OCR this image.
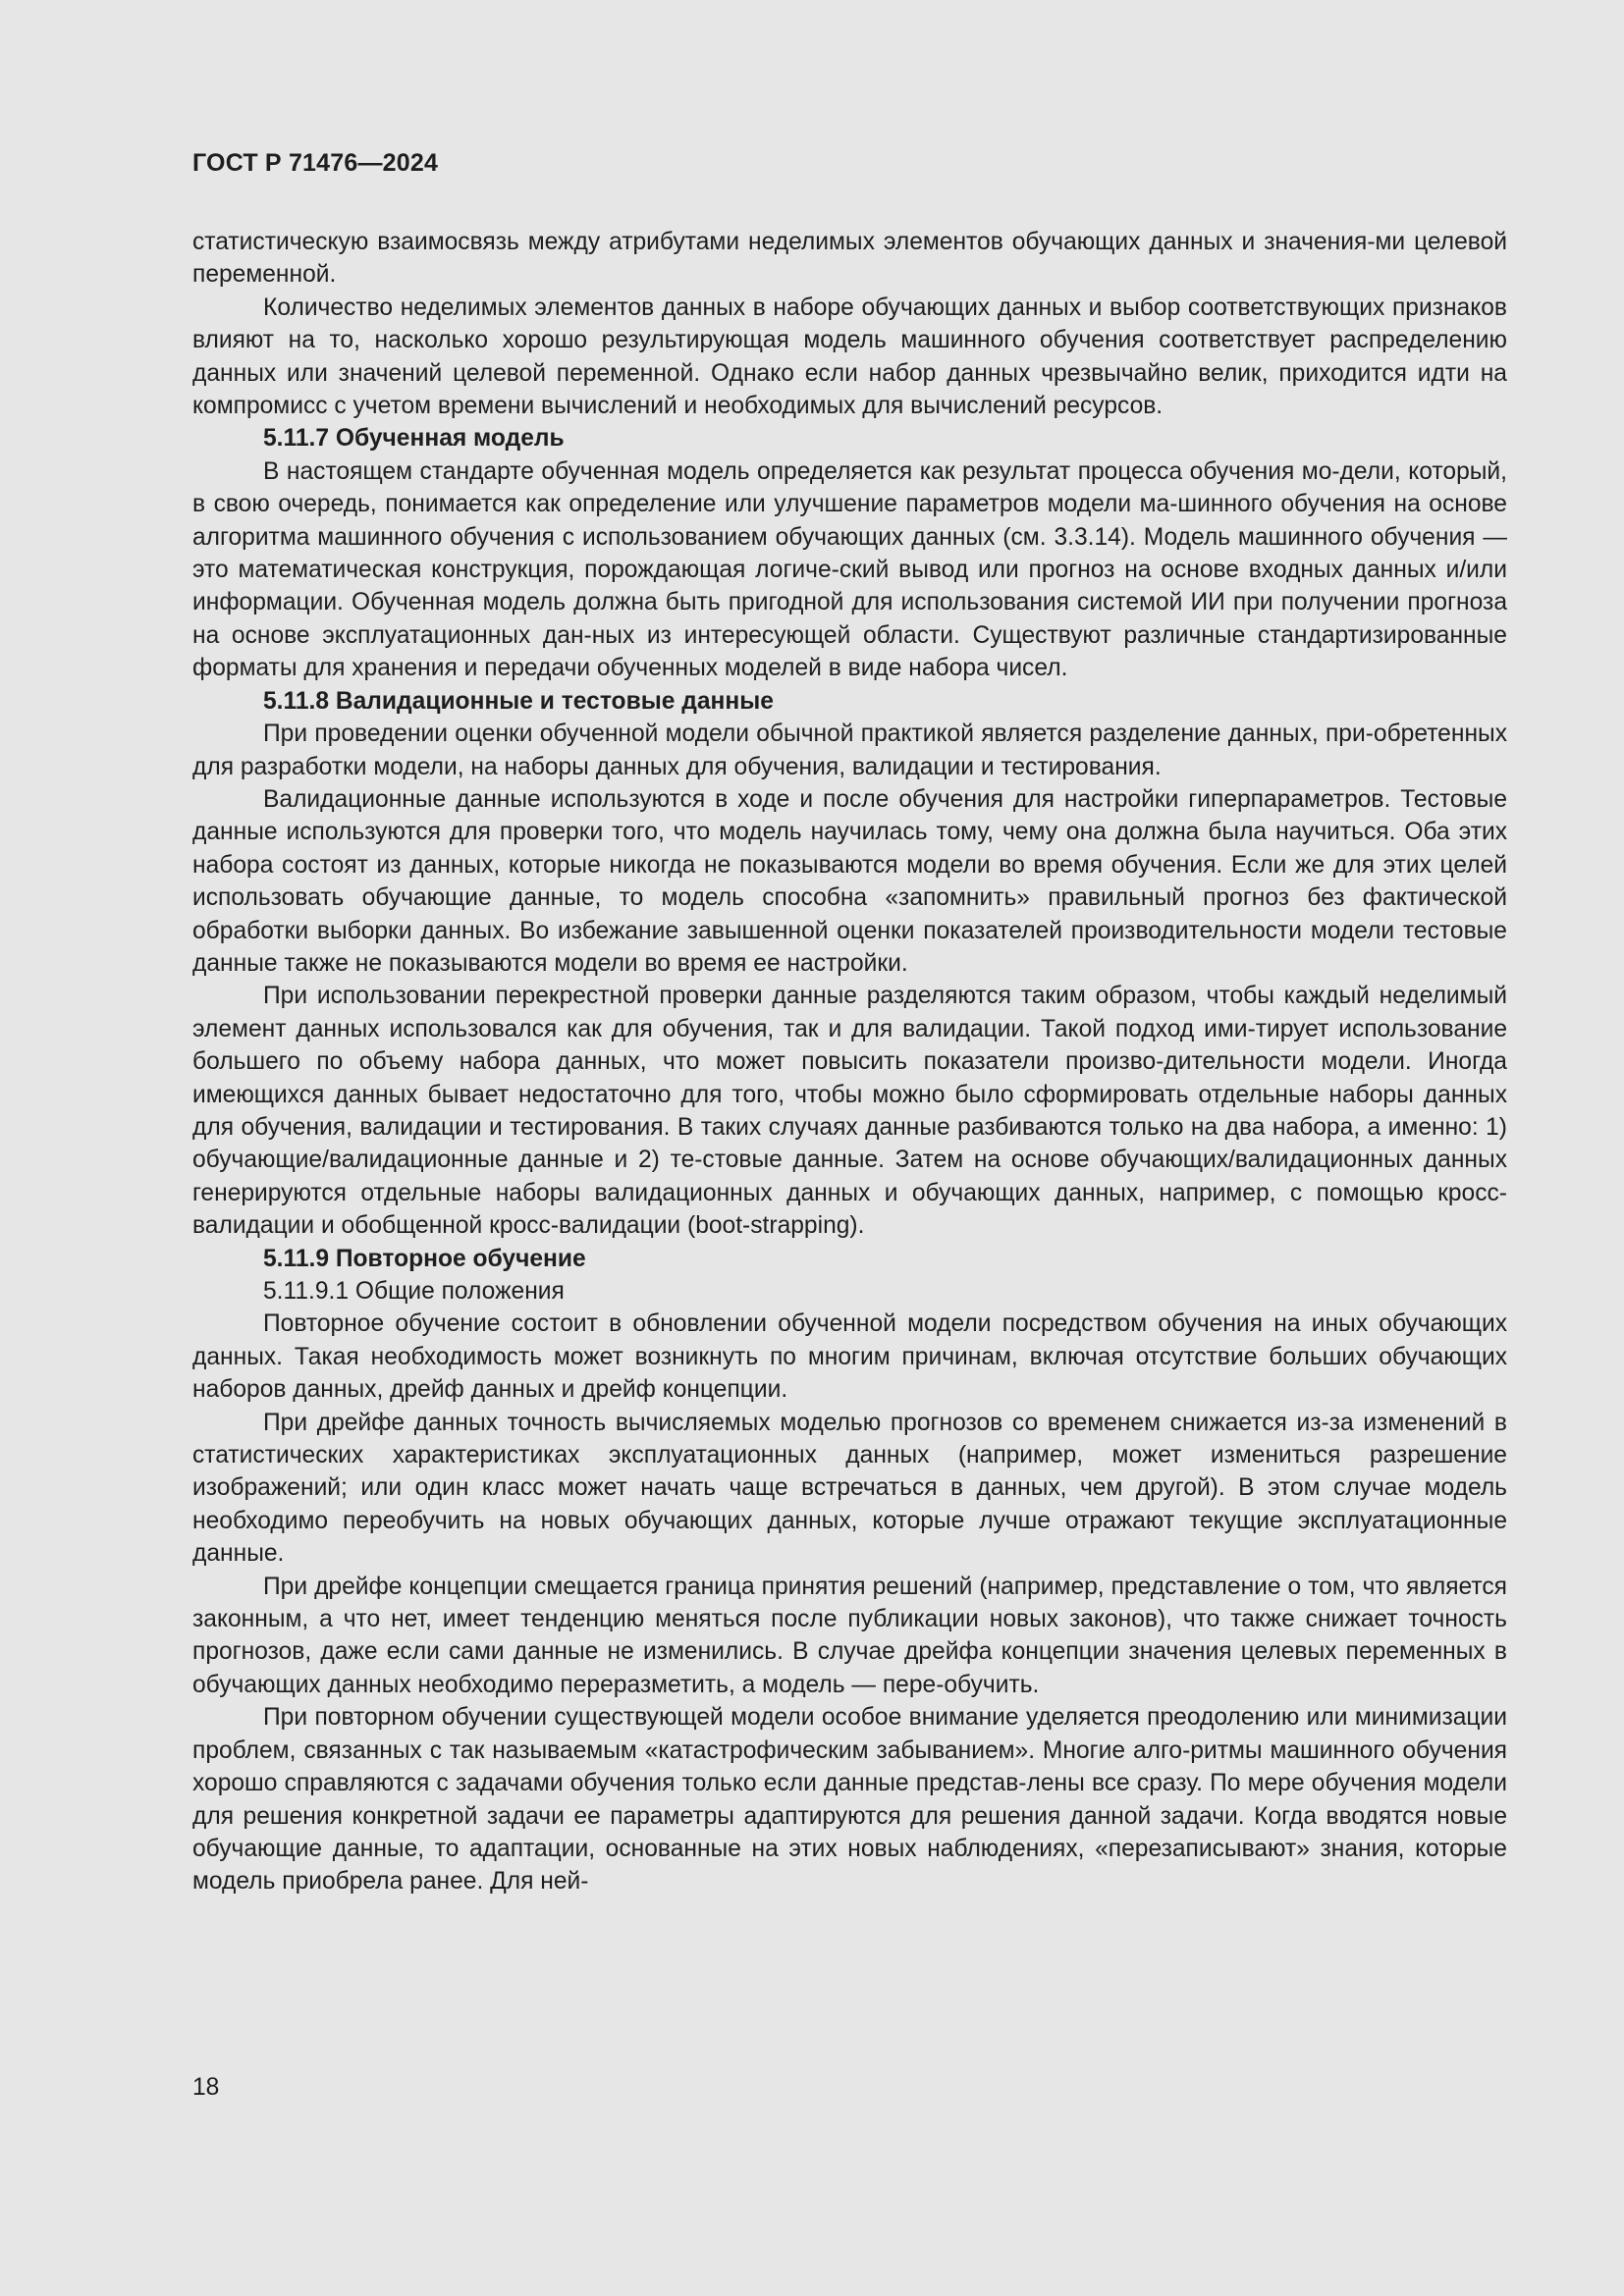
ГОСТ Р 71476—2024

статистическую взаимосвязь между атрибутами неделимых элементов обучающих данных и значения-ми целевой переменной.

Количество неделимых элементов данных в наборе обучающих данных и выбор соответствующих признаков влияют на то, насколько хорошо результирующая модель машинного обучения соответствует распределению данных или значений целевой переменной. Однако если набор данных чрезвычайно велик, приходится идти на компромисс с учетом времени вычислений и необходимых для вычислений ресурсов.

5.11.7 Обученная модель

В настоящем стандарте обученная модель определяется как результат процесса обучения мо-дели, который, в свою очередь, понимается как определение или улучшение параметров модели ма-шинного обучения на основе алгоритма машинного обучения с использованием обучающих данных (см. 3.3.14). Модель машинного обучения — это математическая конструкция, порождающая логиче-ский вывод или прогноз на основе входных данных и/или информации. Обученная модель должна быть пригодной для использования системой ИИ при получении прогноза на основе эксплуатационных дан-ных из интересующей области. Существуют различные стандартизированные форматы для хранения и передачи обученных моделей в виде набора чисел.

5.11.8 Валидационные и тестовые данные

При проведении оценки обученной модели обычной практикой является разделение данных, при-обретенных для разработки модели, на наборы данных для обучения, валидации и тестирования.

Валидационные данные используются в ходе и после обучения для настройки гиперпараметров. Тестовые данные используются для проверки того, что модель научилась тому, чему она должна была научиться. Оба этих набора состоят из данных, которые никогда не показываются модели во время обучения. Если же для этих целей использовать обучающие данные, то модель способна «запомнить» правильный прогноз без фактической обработки выборки данных. Во избежание завышенной оценки показателей производительности модели тестовые данные также не показываются модели во время ее настройки.

При использовании перекрестной проверки данные разделяются таким образом, чтобы каждый неделимый элемент данных использовался как для обучения, так и для валидации. Такой подход ими-тирует использование большего по объему набора данных, что может повысить показатели произво-дительности модели. Иногда имеющихся данных бывает недостаточно для того, чтобы можно было сформировать отдельные наборы данных для обучения, валидации и тестирования. В таких случаях данные разбиваются только на два набора, а именно: 1) обучающие/валидационные данные и 2) те-стовые данные. Затем на основе обучающих/валидационных данных генерируются отдельные наборы валидационных данных и обучающих данных, например, с помощью кросс-валидации и обобщенной кросс-валидации (boot-strapping).

5.11.9 Повторное обучение

5.11.9.1 Общие положения

Повторное обучение состоит в обновлении обученной модели посредством обучения на иных обучающих данных. Такая необходимость может возникнуть по многим причинам, включая отсутствие больших обучающих наборов данных, дрейф данных и дрейф концепции.

При дрейфе данных точность вычисляемых моделью прогнозов со временем снижается из-за изменений в статистических характеристиках эксплуатационных данных (например, может измениться разрешение изображений; или один класс может начать чаще встречаться в данных, чем другой). В этом случае модель необходимо переобучить на новых обучающих данных, которые лучше отражают текущие эксплуатационные данные.

При дрейфе концепции смещается граница принятия решений (например, представление о том, что является законным, а что нет, имеет тенденцию меняться после публикации новых законов), что также снижает точность прогнозов, даже если сами данные не изменились. В случае дрейфа концепции значения целевых переменных в обучающих данных необходимо переразметить, а модель — пере-обучить.

При повторном обучении существующей модели особое внимание уделяется преодолению или минимизации проблем, связанных с так называемым «катастрофическим забыванием». Многие алго-ритмы машинного обучения хорошо справляются с задачами обучения только если данные представ-лены все сразу. По мере обучения модели для решения конкретной задачи ее параметры адаптируются для решения данной задачи. Когда вводятся новые обучающие данные, то адаптации, основанные на этих новых наблюдениях, «перезаписывают» знания, которые модель приобрела ранее. Для ней-

18
